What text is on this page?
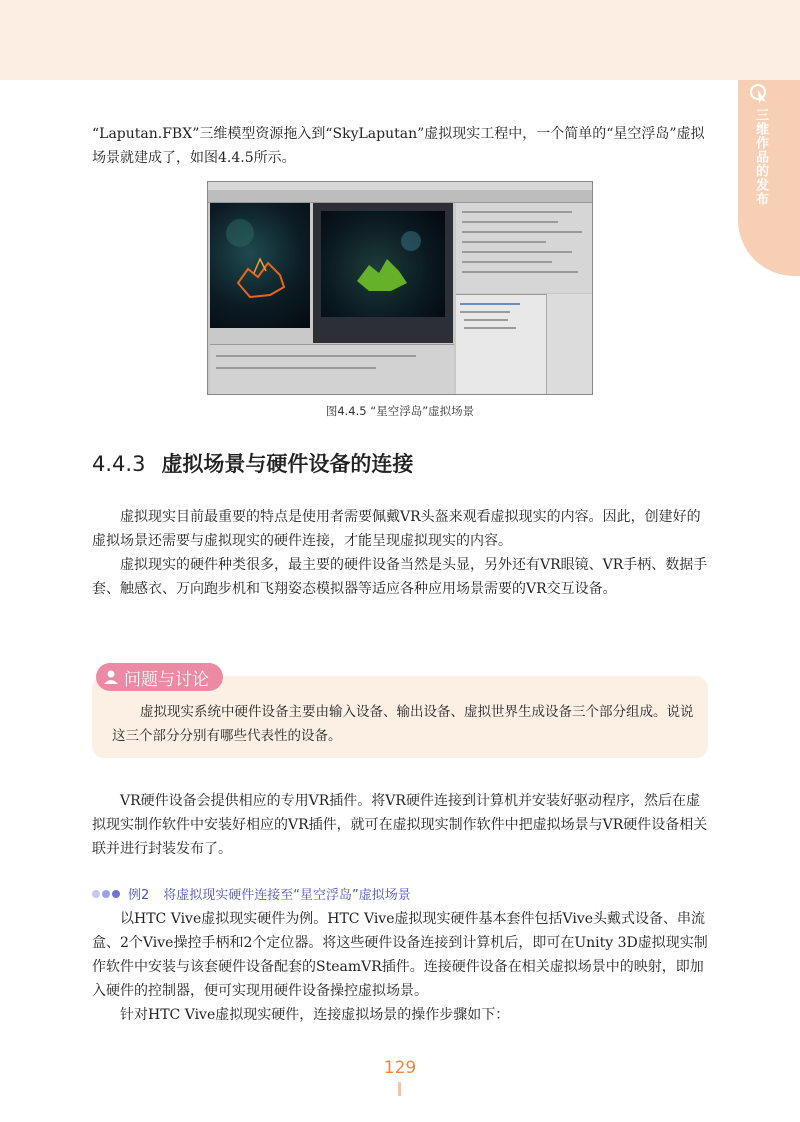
三维作品的发布

“Laputan.FBX”三维模型资源拖入到“SkyLaputan”虚拟现实工程中，一个简单的“星空浮岛”虚拟场景就建成了，如图4.4.5所示。

图4.4.5 “星空浮岛”虚拟场景
4.4.3 虚拟场景与硬件设备的连接

虚拟现实目前最重要的特点是使用者需要佩戴VR头盔来观看虚拟现实的内容。因此，创建好的虚拟场景还需要与虚拟现实的硬件连接，才能呈现虚拟现实的内容。

虚拟现实的硬件种类很多，最主要的硬件设备当然是头显，另外还有VR眼镜、VR手柄、数据手套、触感衣、万向跑步机和飞翔姿态模拟器等适应各种应用场景需要的VR交互设备。

虚拟现实系统中硬件设备主要由输入设备、输出设备、虚拟世界生成设备三个部分组成。说说这三个部分分别有哪些代表性的设备。

问题与讨论

VR硬件设备会提供相应的专用VR插件。将VR硬件连接到计算机并安装好驱动程序，然后在虚拟现实制作软件中安装好相应的VR插件，就可在虚拟现实制作软件中把虚拟场景与VR硬件设备相关联并进行封装发布了。

例2 将虚拟现实硬件连接至“星空浮岛”虚拟场景

以HTC Vive虚拟现实硬件为例。HTC Vive虚拟现实硬件基本套件包括Vive头戴式设备、串流盒、2个Vive操控手柄和2个定位器。将这些硬件设备连接到计算机后，即可在Unity 3D虚拟现实制作软件中安装与该套硬件设备配套的SteamVR插件。连接硬件设备在相关虚拟场景中的映射，即加入硬件的控制器，便可实现用硬件设备操控虚拟场景。

针对HTC Vive虚拟现实硬件，连接虚拟场景的操作步骤如下：

129
